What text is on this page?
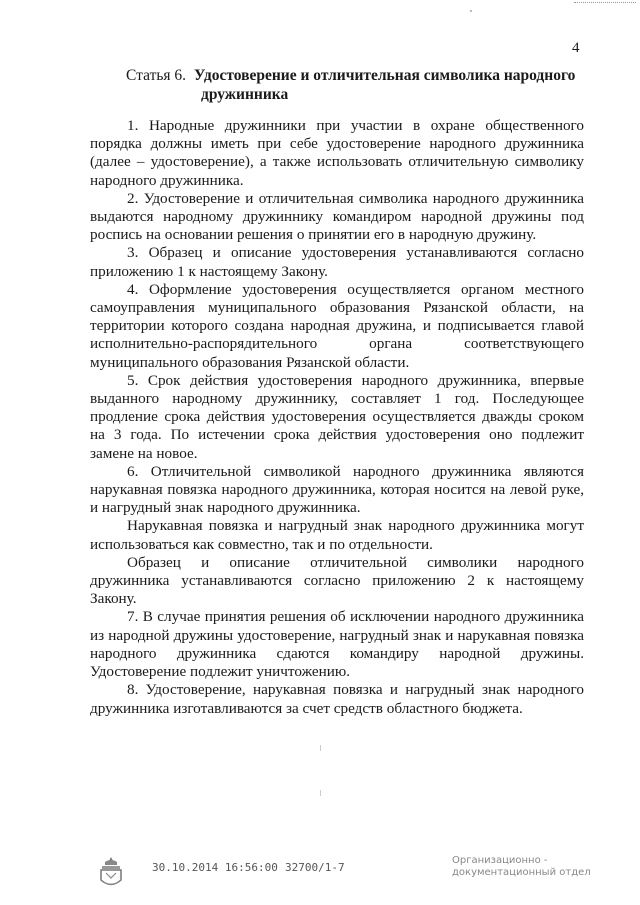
4
Статья 6. Удостоверение и отличительная символика народного
дружинника

1. Народные дружинники при участии в охране общественного порядка должны иметь при себе удостоверение народного дружинника (далее – удостоверение), а также использовать отличительную символику народного дружинника.

2. Удостоверение и отличительная символика народного дружинника выдаются народному дружиннику командиром народной дружины под роспись на основании решения о принятии его в народную дружину.

3. Образец и описание удостоверения устанавливаются согласно приложению 1 к настоящему Закону.

4. Оформление удостоверения осуществляется органом местного самоуправления муниципального образования Рязанской области, на территории которого создана народная дружина, и подписывается главой исполнительно-распорядительного органа соответствующего муниципального образования Рязанской области.

5. Срок действия удостоверения народного дружинника, впервые выданного народному дружиннику, составляет 1 год. Последующее продление срока действия удостоверения осуществляется дважды сроком на 3 года. По истечении срока действия удостоверения оно подлежит замене на новое.

6. Отличительной символикой народного дружинника являются нарукавная повязка народного дружинника, которая носится на левой руке, и нагрудный знак народного дружинника.

Нарукавная повязка и нагрудный знак народного дружинника могут использоваться как совместно, так и по отдельности.

Образец и описание отличительной символики народного дружинника устанавливаются согласно приложению 2 к настоящему Закону.

7. В случае принятия решения об исключении народного дружинника из народной дружины удостоверение, нагрудный знак и нарукавная повязка народного дружинника сдаются командиру народной дружины. Удостоверение подлежит уничтожению.

8. Удостоверение, нарукавная повязка и нагрудный знак народного дружинника изготавливаются за счет средств областного бюджета.

30.10.2014 16:56:00 32700/1-7
Организационно -
документационный отдел
